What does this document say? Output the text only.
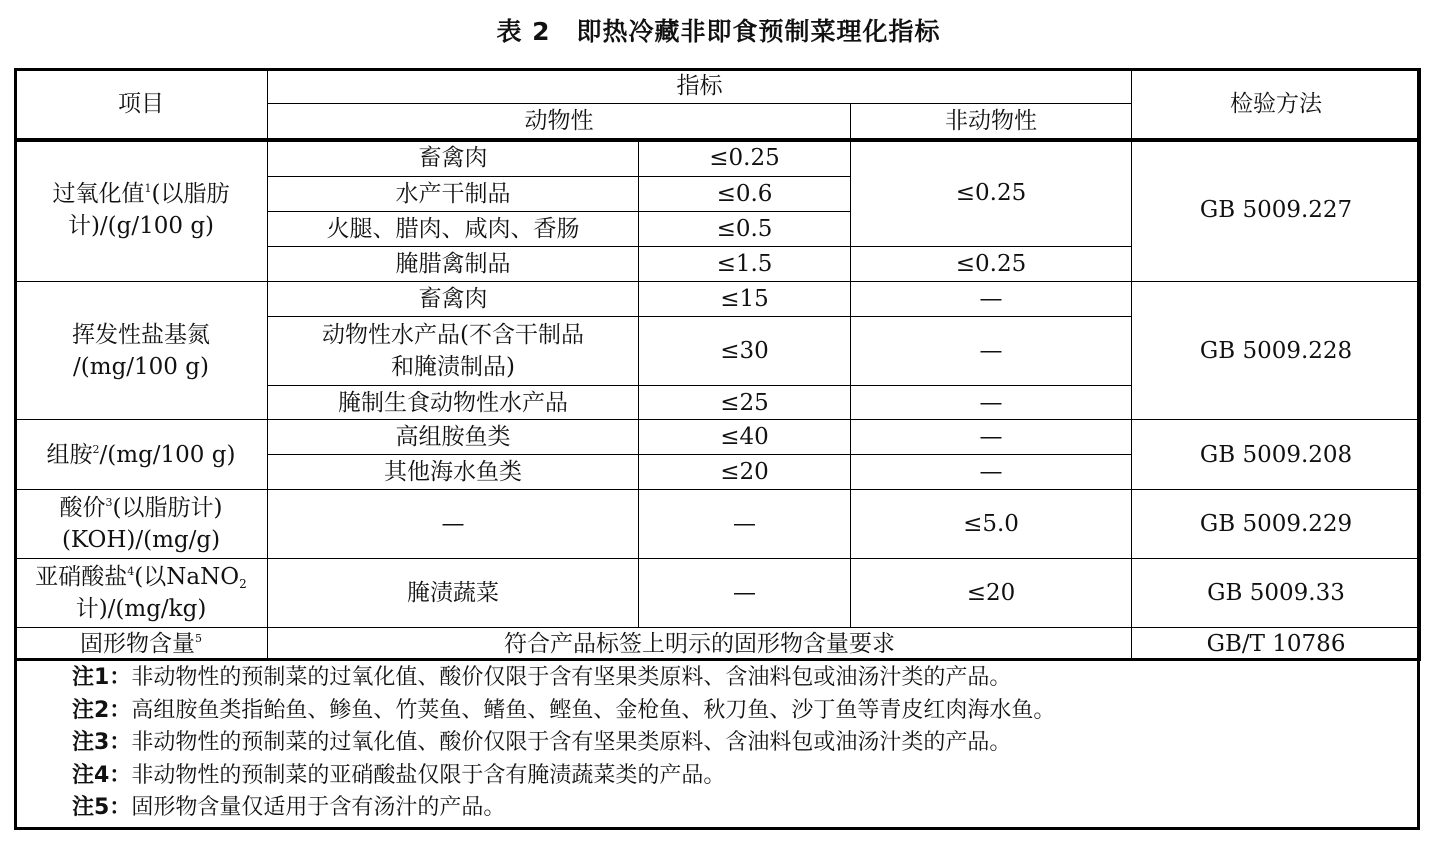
表 2 即热冷藏非即食预制菜理化指标
项目	指标			检验方法
	动物性		非动物性	
过氧化值$^1$(以脂肪
计)/(g/100 g)	畜禽肉	≤0.25	≤0.25	GB 5009.227
	水产干制品	≤0.6		
	火腿、腊肉、咸肉、香肠	≤0.5		
	腌腊禽制品	≤1.5	≤0.25	
挥发性盐基氮
/(mg/100 g)	畜禽肉	≤15	—	GB 5009.228
	动物性水产品(不含干制品
和腌渍制品)	≤30	—	
	腌制生食动物性水产品	≤25	—	
组胺$^2$/(mg/100 g)	高组胺鱼类	≤40	—	GB 5009.208
	其他海水鱼类	≤20	—	
酸价$^3$(以脂肪计)
(KOH)/(mg/g)	—	—	≤5.0	GB 5009.229
亚硝酸盐$^4$(以NaNO$_2$
计)/(mg/kg)	腌渍蔬菜	—	≤20	GB 5009.33
固形物含量$^5$	符合产品标签上明示的固形物含量要求			GB/T 10786
注1：非动物性的预制菜的过氧化值、酸价仅限于含有坚果类原料、含油料包或油汤汁类的产品。
注2：高组胺鱼类指鲐鱼、鲹鱼、竹荚鱼、鳍鱼、鲣鱼、金枪鱼、秋刀鱼、沙丁鱼等青皮红肉海水鱼。
注3：非动物性的预制菜的过氧化值、酸价仅限于含有坚果类原料、含油料包或油汤汁类的产品。
注4：非动物性的预制菜的亚硝酸盐仅限于含有腌渍蔬菜类的产品。
注5：固形物含量仅适用于含有汤汁的产品。
